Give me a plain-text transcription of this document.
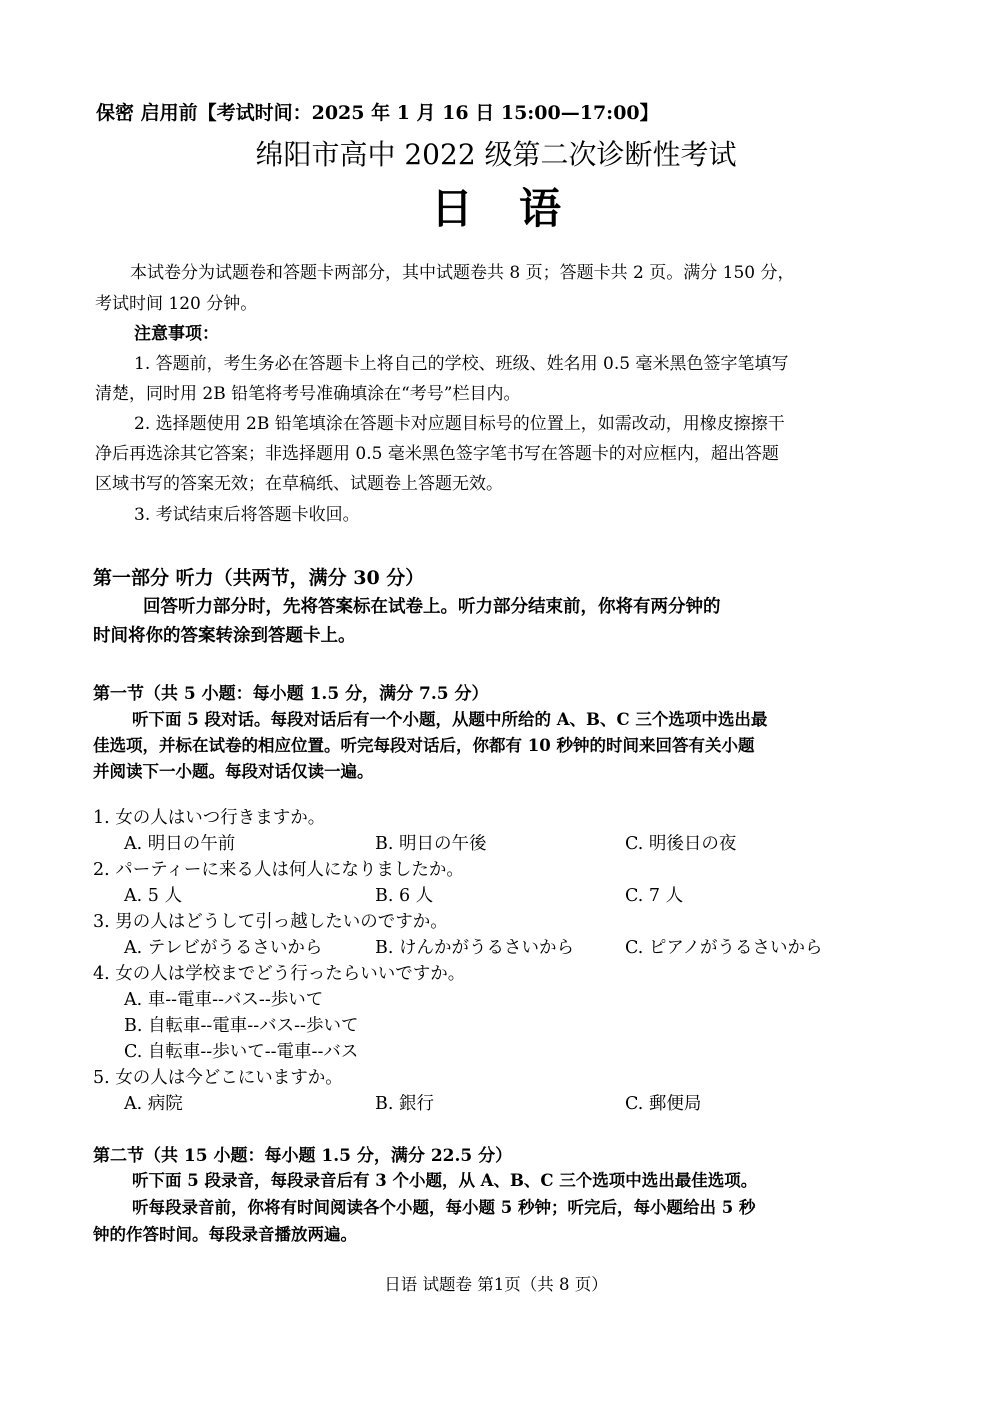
保密 启用前【考试时间：2025 年 1 月 16 日 15:00—17:00】
绵阳市高中 2022 级第二次诊断性考试
日语
本试卷分为试题卷和答题卡两部分，其中试题卷共 8 页；答题卡共 2 页。满分 150 分，
考试时间 120 分钟。
注意事项：
1. 答题前，考生务必在答题卡上将自己的学校、班级、姓名用 0.5 毫米黑色签字笔填写
清楚，同时用 2B 铅笔将考号准确填涂在“考号”栏目内。
2. 选择题使用 2B 铅笔填涂在答题卡对应题目标号的位置上，如需改动，用橡皮擦擦干
净后再选涂其它答案；非选择题用 0.5 毫米黑色签字笔书写在答题卡的对应框内，超出答题
区域书写的答案无效；在草稿纸、试题卷上答题无效。
3. 考试结束后将答题卡收回。
第一部分 听力（共两节，满分 30 分）
回答听力部分时，先将答案标在试卷上。听力部分结束前，你将有两分钟的
时间将你的答案转涂到答题卡上。
第一节（共 5 小题：每小题 1.5 分，满分 7.5 分）
听下面 5 段对话。每段对话后有一个小题，从题中所给的 A、B、C 三个选项中选出最
佳选项，并标在试卷的相应位置。听完每段对话后，你都有 10 秒钟的时间来回答有关小题
并阅读下一小题。每段对话仅读一遍。
1. 女の人はいつ行きますか。
A. 明日の午前	B. 明日の午後	C. 明後日の夜
2. パーティーに来る人は何人になりましたか。
A. 5 人	B. 6 人	C. 7 人
3. 男の人はどうして引っ越したいのですか。
A. テレビがうるさいから	B. けんかがうるさいから	C. ピアノがうるさいから
4. 女の人は学校までどう行ったらいいですか。
A. 車--電車--バス--歩いて
B. 自転車--電車--バス--歩いて
C. 自転車--歩いて--電車--バス
5. 女の人は今どこにいますか。
A. 病院	B. 銀行	C. 郵便局
第二节（共 15 小题：每小题 1.5 分，满分 22.5 分）
听下面 5 段录音，每段录音后有 3 个小题，从 A、B、C 三个选项中选出最佳选项。
听每段录音前，你将有时间阅读各个小题，每小题 5 秒钟；听完后，每小题给出 5 秒
钟的作答时间。每段录音播放两遍。
日语 试题卷 第1页（共 8 页）
